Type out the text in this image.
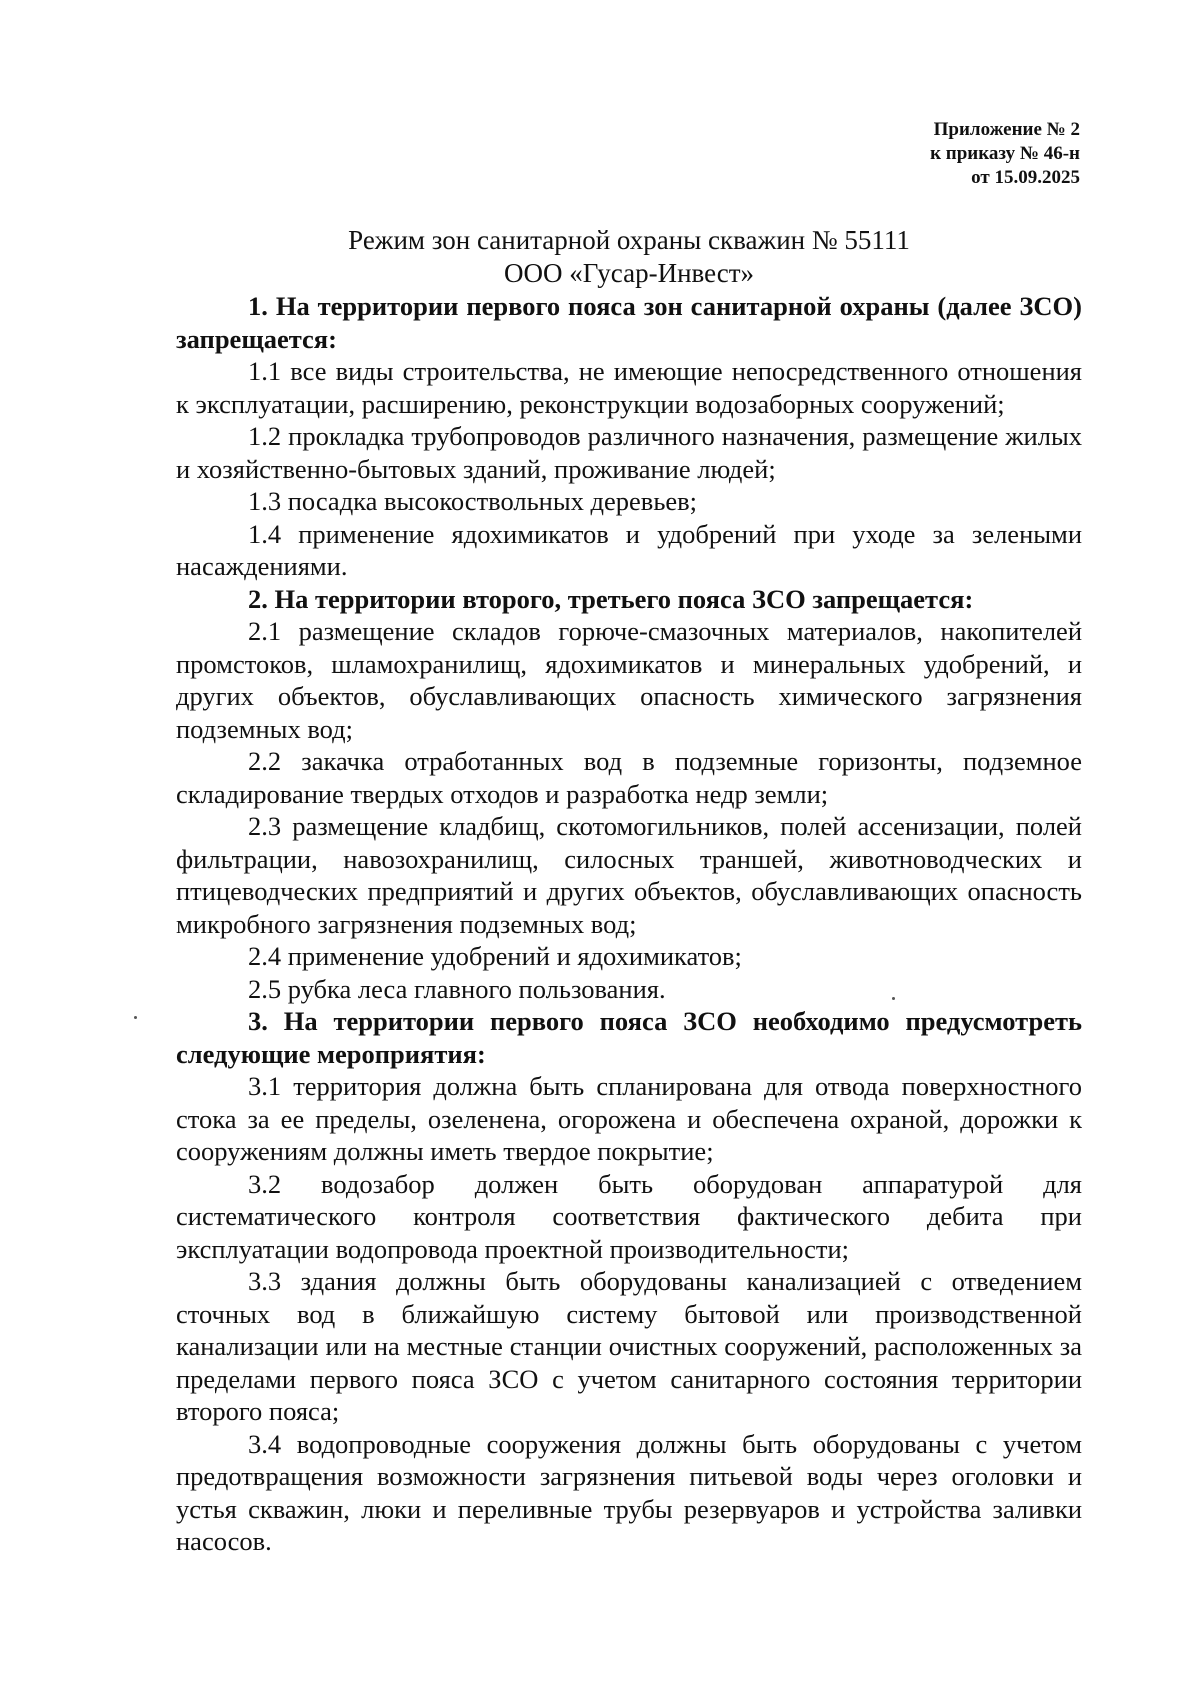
Приложение № 2
к приказу № 46-н
от 15.09.2025
Режим зон санитарной охраны скважин № 55111
ООО «Гусар-Инвест»

1. На территории первого пояса зон санитарной охраны (далее ЗСО) запрещается:

1.1 все виды строительства, не имеющие непосредственного отношения к эксплуатации, расширению, реконструкции водозаборных сооружений;

1.2 прокладка трубопроводов различного назначения, размещение жилых и хозяйственно-бытовых зданий, проживание людей;

1.3 посадка высокоствольных деревьев;

1.4 применение ядохимикатов и удобрений при уходе за зелеными насаждениями.

2. На территории второго, третьего пояса ЗСО запрещается:

2.1 размещение складов горюче-смазочных материалов, накопителей промстоков, шламохранилищ, ядохимикатов и минеральных удобрений, и других объектов, обуславливающих опасность химического загрязнения подземных вод;

2.2 закачка отработанных вод в подземные горизонты, подземное складирование твердых отходов и разработка недр земли;

2.3 размещение кладбищ, скотомогильников, полей ассенизации, полей фильтрации, навозохранилищ, силосных траншей, животноводческих и птицеводческих предприятий и других объектов, обуславливающих опасность микробного загрязнения подземных вод;

2.4 применение удобрений и ядохимикатов;

2.5 рубка леса главного пользования.

3. На территории первого пояса ЗСО необходимо предусмотреть следующие мероприятия:

3.1 территория должна быть спланирована для отвода поверхностного стока за ее пределы, озеленена, огорожена и обеспечена охраной, дорожки к сооружениям должны иметь твердое покрытие;

3.2 водозабор должен быть оборудован аппаратурой для систематического контроля соответствия фактического дебита при эксплуатации водопровода проектной производительности;

3.3 здания должны быть оборудованы канализацией с отведением сточных вод в ближайшую систему бытовой или производственной канализации или на местные станции очистных сооружений, расположенных за пределами первого пояса ЗСО с учетом санитарного состояния территории второго пояса;

3.4 водопроводные сооружения должны быть оборудованы с учетом предотвращения возможности загрязнения питьевой воды через оголовки и устья скважин, люки и переливные трубы резервуаров и устройства заливки насосов.
